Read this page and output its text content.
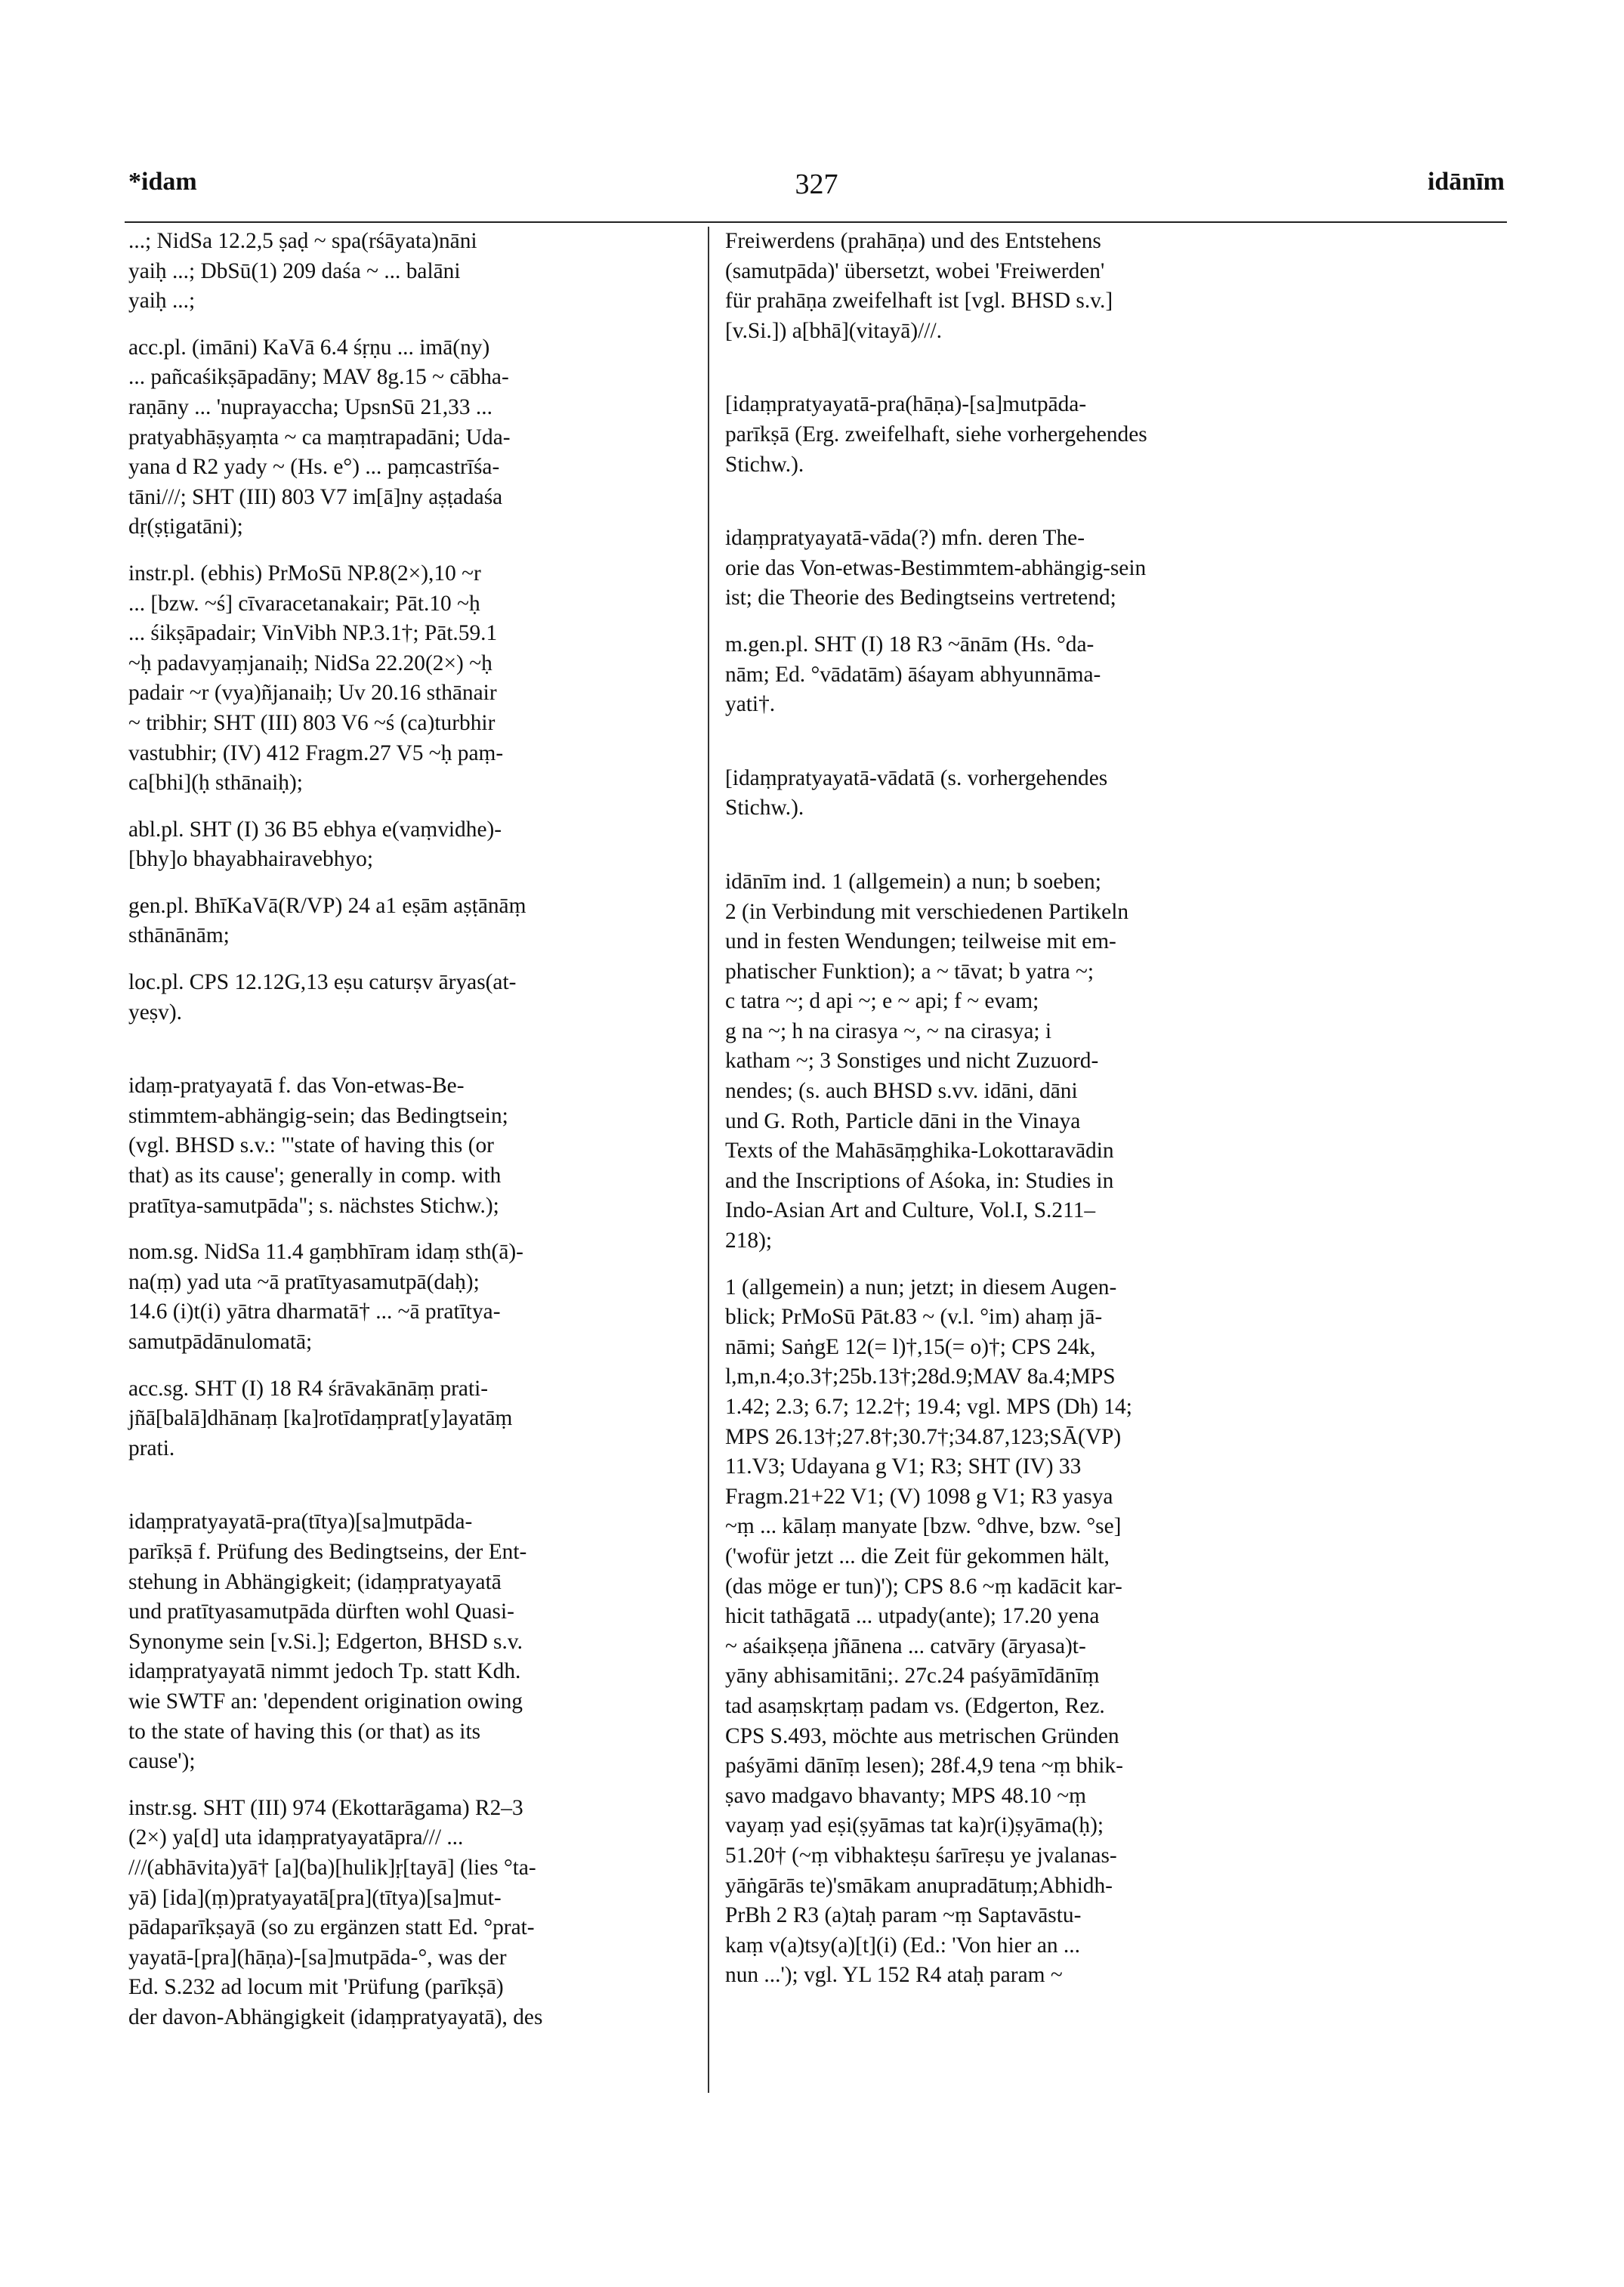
*idam	327	idānīm
...; NidSa 12.2,5 ṣaḍ ~ spa(rśāyata)nāni
yaiḥ ...; DbSū(1) 209 daśa ~ ... balāni
yaiḥ ...;
acc.pl. (imāni) KaVā 6.4 śṛṇu ... imā(ny)
... pañcaśikṣāpadāny; MAV 8g.15 ~ cābha-
raṇāny ... 'nuprayaccha; UpsnSū 21,33 ...
pratyabhāṣyaṃta ~ ca maṃtrapadāni; Uda-
yana d R2 yady ~ (Hs. e°) ... paṃcastrīśa-
tāni///; SHT (III) 803 V7 im[ā]ny aṣṭadaśa
dṛ(ṣṭigatāni);
instr.pl. (ebhis) PrMoSū NP.8(2×),10 ~r
... [bzw. ~ś] cīvaracetanakair; Pāt.10 ~ḥ
... śikṣāpadair; VinVibh NP.3.1†; Pāt.59.1
~ḥ padavyaṃjanaiḥ; NidSa 22.20(2×) ~ḥ
padair ~r (vya)ñjanaiḥ; Uv 20.16 sthānair
~ tribhir; SHT (III) 803 V6 ~ś (ca)turbhir
vastubhir; (IV) 412 Fragm.27 V5 ~ḥ paṃ-
ca[bhi](ḥ sthānaiḥ);
abl.pl. SHT (I) 36 B5 ebhya e(vaṃvidhe)-
[bhy]o bhayabhairavebhyo;
gen.pl. BhīKaVā(R/VP) 24 a1 eṣām aṣṭānāṃ
sthānānām;
loc.pl. CPS 12.12G,13 eṣu caturṣv āryas(at-
yeṣv).
idaṃ-pratyayatā f. das Von-etwas-Be-
stimmtem-abhängig-sein; das Bedingtsein;
(vgl. BHSD s.v.: "'state of having this (or
that) as its cause'; generally in comp. with
pratītya-samutpāda"; s. nächstes Stichw.);
nom.sg. NidSa 11.4 gaṃbhīram idaṃ sth(ā)-
na(ṃ) yad uta ~ā pratītyasamutpā(daḥ);
14.6 (i)t(i) yātra dharmatā† ... ~ā pratītya-
samutpādānulomatā;
acc.sg. SHT (I) 18 R4 śrāvakānāṃ prati-
jñā[balā]dhānaṃ [ka]rotīdaṃprat[y]ayatāṃ
prati.
idaṃpratyayatā-pra(tītya)[sa]mutpāda-
parīkṣā f. Prüfung des Bedingtseins, der Ent-
stehung in Abhängigkeit; (idaṃpratyayatā
und pratītyasamutpāda dürften wohl Quasi-
Synonyme sein [v.Si.]; Edgerton, BHSD s.v.
idaṃpratyayatā nimmt jedoch Tp. statt Kdh.
wie SWTF an: 'dependent origination owing
to the state of having this (or that) as its
cause');
instr.sg. SHT (III) 974 (Ekottarāgama) R2–3
(2×) ya[d] uta idaṃpratyayatāpra/// ...
///(abhāvita)yā† [a](ba)[hulik]ṛ[tayā] (lies °ta-
yā) [ida](ṃ)pratyayatā[pra](tītya)[sa]mut-
pādaparīkṣayā (so zu ergänzen statt Ed. °prat-
yayatā-[pra](hāṇa)-[sa]mutpāda-°, was der
Ed. S.232 ad locum mit 'Prüfung (parīkṣā)
der davon-Abhängigkeit (idaṃpratyayatā), des
Freiwerdens (prahāṇa) und des Entstehens
(samutpāda)' übersetzt, wobei 'Freiwerden'
für prahāṇa zweifelhaft ist [vgl. BHSD s.v.]
[v.Si.]) a[bhā](vitayā)///.
[idaṃpratyayatā-pra(hāṇa)-[sa]mutpāda-
parīkṣā (Erg. zweifelhaft, siehe vorhergehendes
Stichw.).
idaṃpratyayatā-vāda(?) mfn. deren The-
orie das Von-etwas-Bestimmtem-abhängig-sein
ist; die Theorie des Bedingtseins vertretend;
m.gen.pl. SHT (I) 18 R3 ~ānām (Hs. °da-
nām; Ed. °vādatām) āśayam abhyunnāma-
yati†.
[idaṃpratyayatā-vādatā (s. vorhergehendes
Stichw.).
idānīm ind. 1 (allgemein) a nun; b soeben;
2 (in Verbindung mit verschiedenen Partikeln
und in festen Wendungen; teilweise mit em-
phatischer Funktion); a ~ tāvat; b yatra ~;
c tatra ~; d api ~; e ~ api; f ~ evam;
g na ~; h na cirasya ~, ~ na cirasya; i
katham ~; 3 Sonstiges und nicht Zuzuord-
nendes; (s. auch BHSD s.vv. idāni, dāni
und G. Roth, Particle dāni in the Vinaya
Texts of the Mahāsāṃghika-Lokottaravādin
and the Inscriptions of Aśoka, in: Studies in
Indo-Asian Art and Culture, Vol.I, S.211–
218);
1 (allgemein) a nun; jetzt; in diesem Augen-
blick; PrMoSū Pāt.83 ~ (v.l. °im) ahaṃ jā-
nāmi; SaṅgE 12(= l)†,15(= o)†; CPS 24k,
l,m,n.4;o.3†;25b.13†;28d.9;MAV 8a.4;MPS
1.42; 2.3; 6.7; 12.2†; 19.4; vgl. MPS (Dh) 14;
MPS 26.13†;27.8†;30.7†;34.87,123;SĀ(VP)
11.V3; Udayana g V1; R3; SHT (IV) 33
Fragm.21+22 V1; (V) 1098 g V1; R3 yasya
~ṃ ... kālaṃ manyate [bzw. °dhve, bzw. °se]
('wofür jetzt ... die Zeit für gekommen hält,
(das möge er tun)'); CPS 8.6 ~ṃ kadācit kar-
hicit tathāgatā ... utpady(ante); 17.20 yena
~ aśaikṣeṇa jñānena ... catvāry (āryasa)t-
yāny abhisamitāni;. 27c.24 paśyāmīdānīṃ
tad asaṃskṛtaṃ padam vs. (Edgerton, Rez.
CPS S.493, möchte aus metrischen Gründen
paśyāmi dānīṃ lesen); 28f.4,9 tena ~ṃ bhik-
ṣavo madgavo bhavanty; MPS 48.10 ~ṃ
vayaṃ yad eṣi(ṣyāmas tat ka)r(i)ṣyāma(ḥ);
51.20† (~ṃ vibhakteṣu śarīreṣu ye jvalanas-
yāṅgārās te)'smākam anupradātuṃ;Abhidh-
PrBh 2 R3 (a)taḥ param ~ṃ Saptavāstu-
kaṃ v(a)tsy(a)[t](i) (Ed.: 'Von hier an ...
nun ...'); vgl. YL 152 R4 ataḥ param ~
